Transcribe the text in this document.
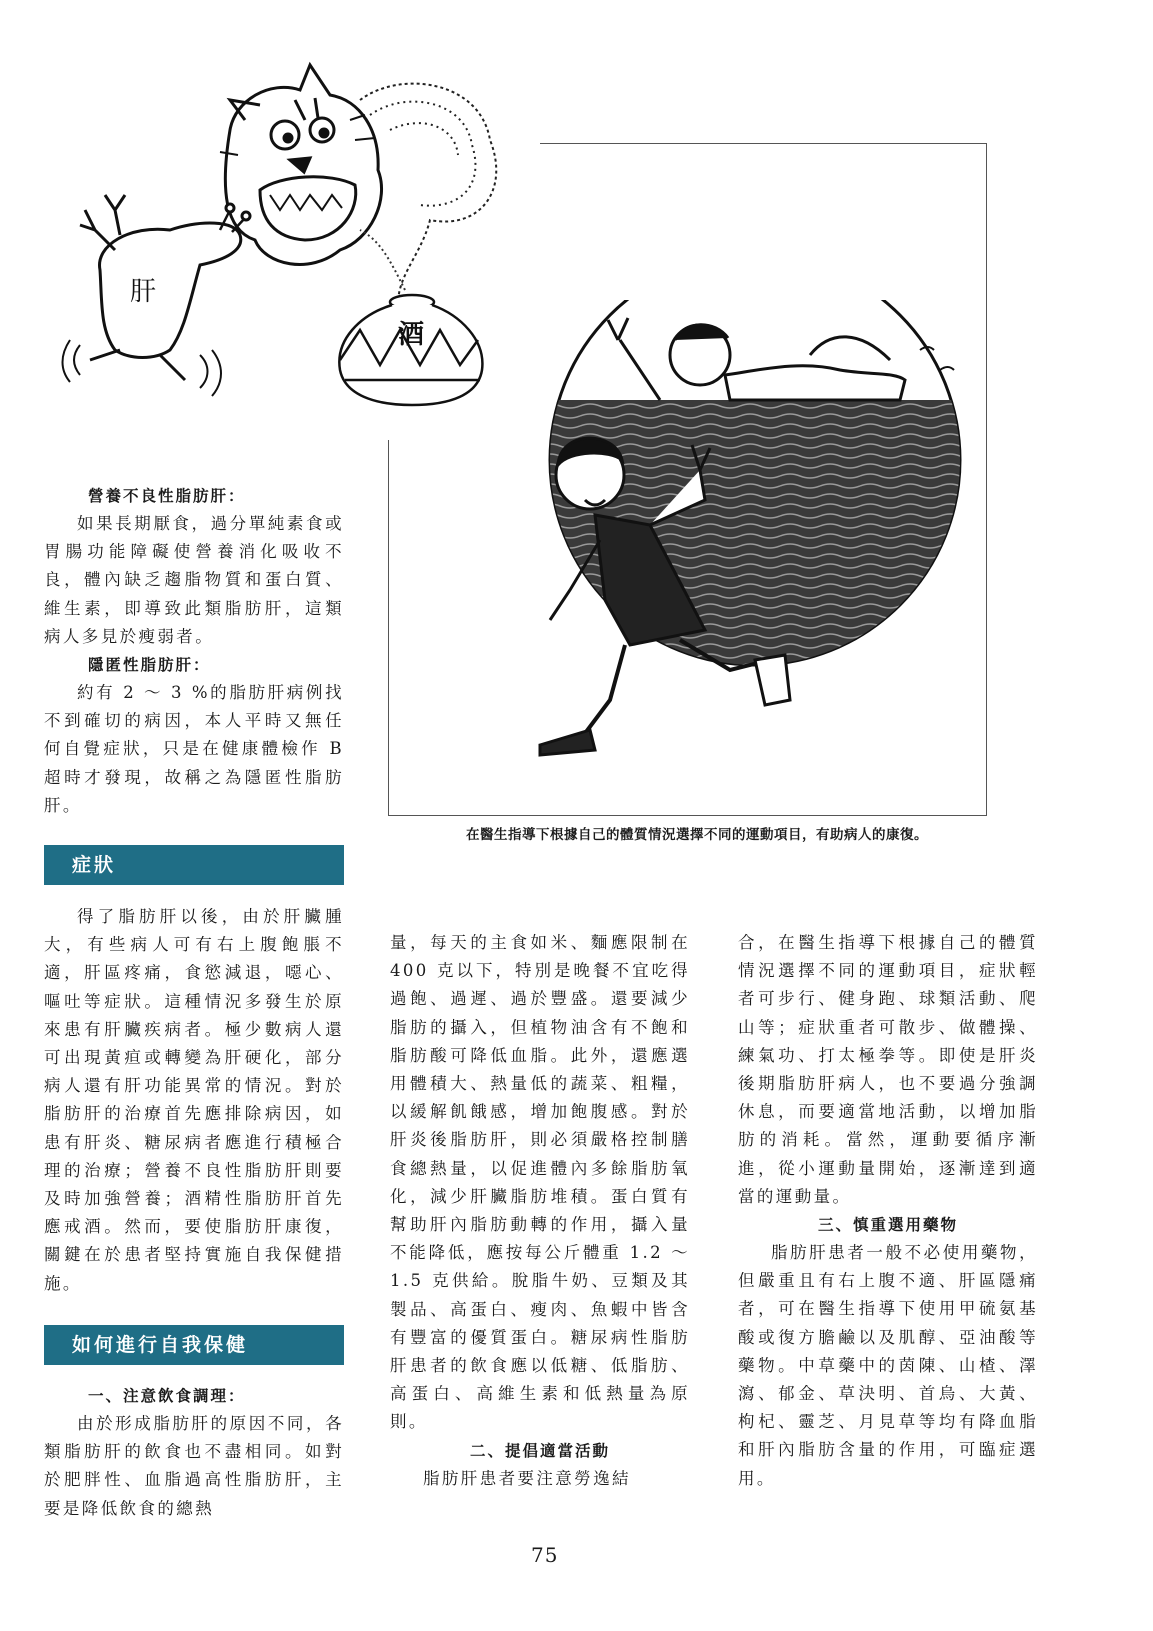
酒
肝
在醫生指導下根據自己的體質情況選擇不同的運動項目，有助病人的康復。

營養不良性脂肪肝：

如果長期厭食，過分單純素食或胃腸功能障礙使營養消化吸收不良，體內缺乏趨脂物質和蛋白質、維生素，即導致此類脂肪肝，這類病人多見於瘦弱者。

隱匿性脂肪肝：

約有 2 ～ 3 %的脂肪肝病例找不到確切的病因，本人平時又無任何自覺症狀，只是在健康體檢作 B 超時才發現，故稱之為隱匿性脂肪肝。

症狀

得了脂肪肝以後，由於肝臟腫大，有些病人可有右上腹飽脹不適，肝區疼痛，食慾減退，噁心、嘔吐等症狀。這種情況多發生於原來患有肝臟疾病者。極少數病人還可出現黃疸或轉變為肝硬化，部分病人還有肝功能異常的情況。對於脂肪肝的治療首先應排除病因，如患有肝炎、糖尿病者應進行積極合理的治療；營養不良性脂肪肝則要及時加強營養；酒精性脂肪肝首先應戒酒。然而，要使脂肪肝康復，關鍵在於患者堅持實施自我保健措施。

如何進行自我保健

一、注意飲食調理：

由於形成脂肪肝的原因不同，各類脂肪肝的飲食也不盡相同。如對於肥胖性、血脂過高性脂肪肝，主要是降低飲食的總熱

量，每天的主食如米、麵應限制在 400 克以下，特別是晚餐不宜吃得過飽、過遲、過於豐盛。還要減少脂肪的攝入，但植物油含有不飽和脂肪酸可降低血脂。此外，還應選用體積大、熱量低的蔬菜、粗糧，以緩解飢餓感，增加飽腹感。對於肝炎後脂肪肝，則必須嚴格控制膳食總熱量，以促進體內多餘脂肪氧化，減少肝臟脂肪堆積。蛋白質有幫助肝內脂肪動轉的作用，攝入量不能降低，應按每公斤體重 1.2 ～ 1.5 克供給。脫脂牛奶、豆類及其製品、高蛋白、瘦肉、魚蝦中皆含有豐富的優質蛋白。糖尿病性脂肪肝患者的飲食應以低糖、低脂肪、高蛋白、高維生素和低熱量為原則。

二、提倡適當活動

脂肪肝患者要注意勞逸結

合，在醫生指導下根據自己的體質情況選擇不同的運動項目，症狀輕者可步行、健身跑、球類活動、爬山等；症狀重者可散步、做體操、練氣功、打太極拳等。即使是肝炎後期脂肪肝病人，也不要過分強調休息，而要適當地活動，以增加脂肪的消耗。當然，運動要循序漸進，從小運動量開始，逐漸達到適當的運動量。

三、慎重選用藥物

脂肪肝患者一般不必使用藥物，但嚴重且有右上腹不適、肝區隱痛者，可在醫生指導下使用甲硫氨基酸或復方膽鹼以及肌醇、亞油酸等藥物。中草藥中的茵陳、山楂、澤瀉、郁金、草決明、首烏、大黃、枸杞、靈芝、月見草等均有降血脂和肝內脂肪含量的作用，可臨症選用。

75
